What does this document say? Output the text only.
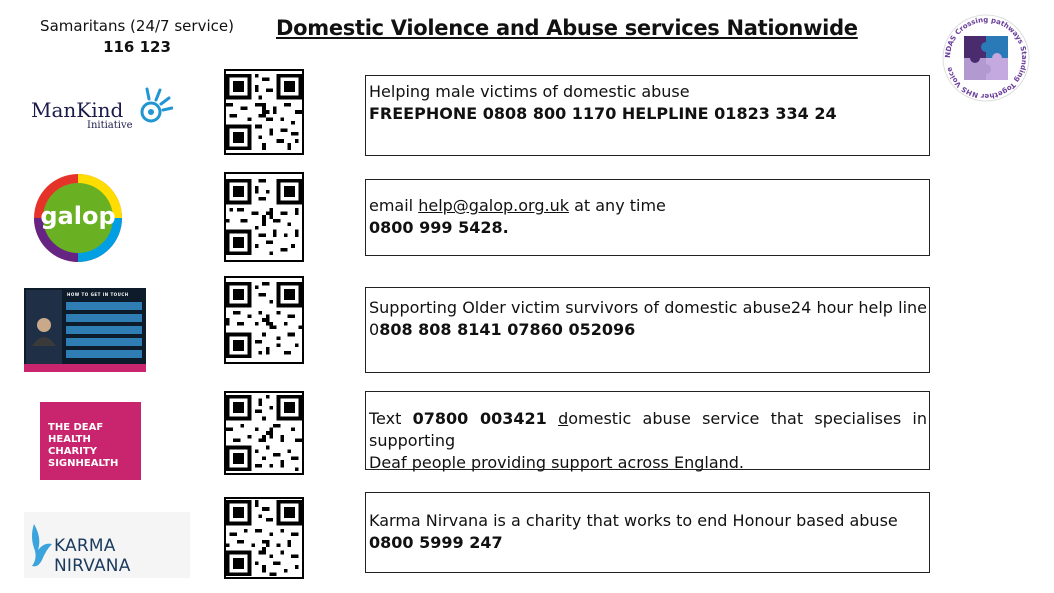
Samaritans (24/7 service)
116 123
Domestic Violence and Abuse services Nationwide
NDAS Crossing pathways Standing Together NHS Voice
ManKind
Initiative
galop
HOW TO GET IN TOUCH
THE DEAF HEALTH CHARITY SIGNHEALTH
KARMA NIRVANA
Helping male victims of domestic abuse
FREEPHONE 0808 800 1170 HELPLINE 01823 334 24
email help@galop.org.uk at any time
0800 999 5428.
Supporting Older victim survivors of domestic abuse24 hour help line
0808 808 8141 07860 052096
Text 07800 003421 domestic abuse service that specialises in supporting
Deaf people providing support across England.
Karma Nirvana is a charity that works to end Honour based abuse
0800 5999 247
